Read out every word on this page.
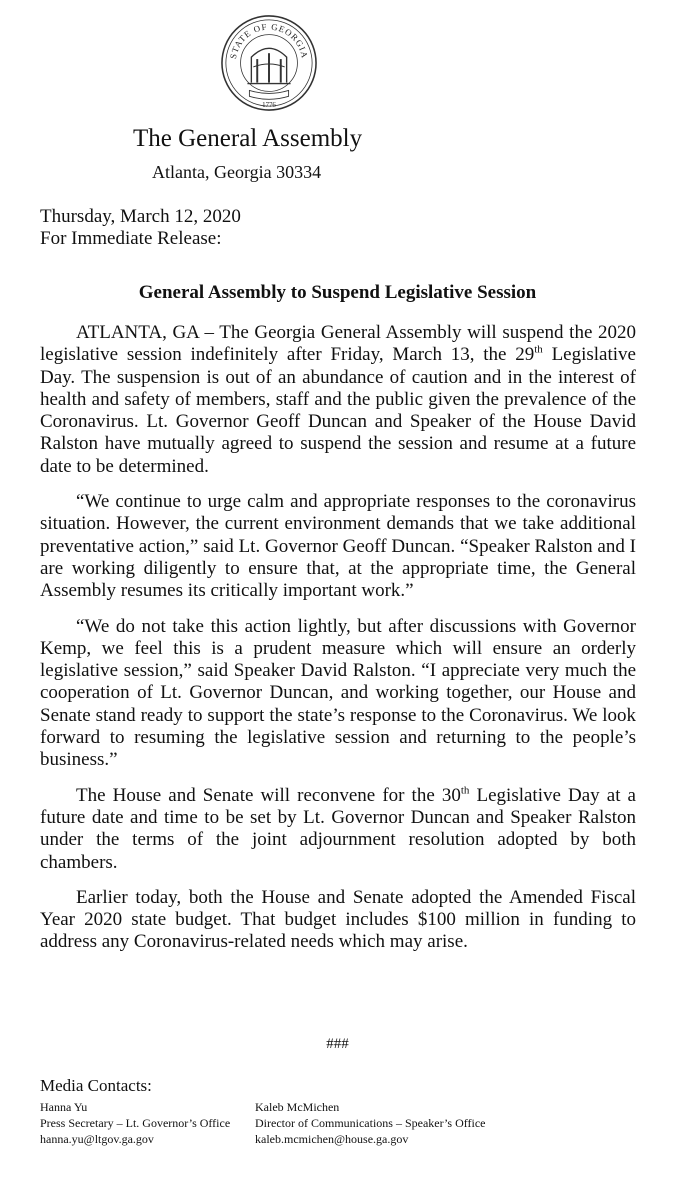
STATE OF GEORGIA
1776
The General Assembly
Atlanta, Georgia 30334
Thursday, March 12, 2020
For Immediate Release:
General Assembly to Suspend Legislative Session

ATLANTA, GA – The Georgia General Assembly will suspend the 2020 legislative session indefinitely after Friday, March 13, the 29th Legislative Day. The suspension is out of an abundance of caution and in the interest of health and safety of members, staff and the public given the prevalence of the Coronavirus. Lt. Governor Geoff Duncan and Speaker of the House David Ralston have mutually agreed to suspend the session and resume at a future date to be determined.

“We continue to urge calm and appropriate responses to the coronavirus situation. However, the current environment demands that we take additional preventative action,” said Lt. Governor Geoff Duncan. “Speaker Ralston and I are working diligently to ensure that, at the appropriate time, the General Assembly resumes its critically important work.”

“We do not take this action lightly, but after discussions with Governor Kemp, we feel this is a prudent measure which will ensure an orderly legislative session,” said Speaker David Ralston. “I appreciate very much the cooperation of Lt. Governor Duncan, and working together, our House and Senate stand ready to support the state’s response to the Coronavirus. We look forward to resuming the legislative session and returning to the people’s business.”

The House and Senate will reconvene for the 30th Legislative Day at a future date and time to be set by Lt. Governor Duncan and Speaker Ralston under the terms of the joint adjournment resolution adopted by both chambers.

Earlier today, both the House and Senate adopted the Amended Fiscal Year 2020 state budget. That budget includes $100 million in funding to address any Coronavirus-related needs which may arise.

###
Media Contacts:
Hanna Yu
Press Secretary – Lt. Governor’s Office
hanna.yu@ltgov.ga.gov
Kaleb McMichen
Director of Communications – Speaker’s Office
kaleb.mcmichen@house.ga.gov
